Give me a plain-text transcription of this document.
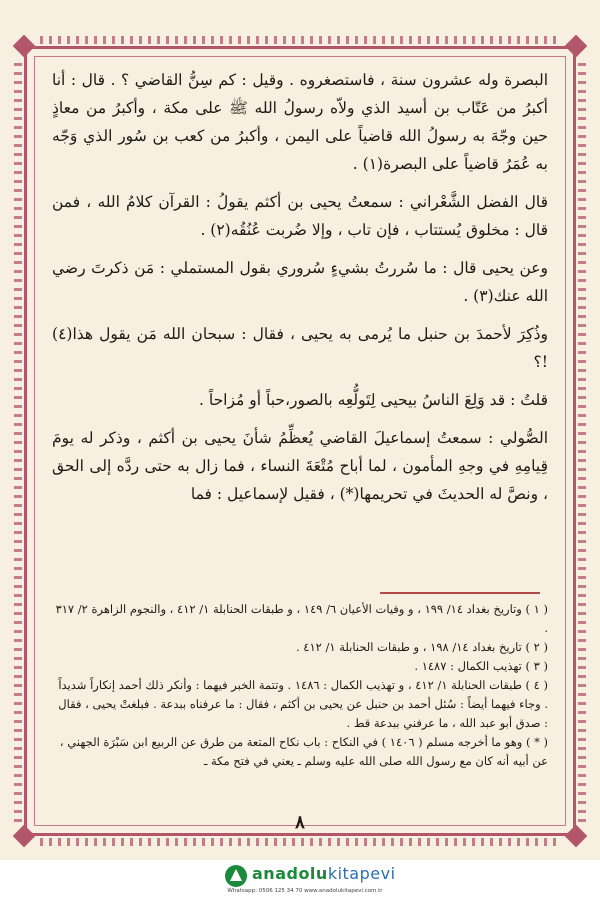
البصرة وله عشرون سنة ، فاستصغروه . وقيل : كم سِنُّ القاضي ؟ . قال : أنا أكبرُ من عَتّاب بن أسيد الذي ولاّه رسولُ الله ﷺ على مكة ، وأكبرُ من معاذٍ حين وجّهَ به رسولُ الله قاضياً على اليمن ، وأكبرُ من كعب بن سُور الذي وَجّه به عُمَرُ قاضياً على البصرة(١) .

قال الفضل الشَّعْراني : سمعتُ يحيى بن أكثم يقولُ : القرآن كلامُ الله ، فمن قال : مخلوق يُستتاب ، فإن تاب ، وإلا ضُربت عُنُقُه(٢) .

وعن يحيى قال : ما سُررتُ بشيءٍ سُروري بقول المستملي : مَن ذكرتَ رضي الله عنك(٣) .

وذُكِرَ لأحمدَ بن حنبل ما يُرمى به يحيى ، فقال : سبحان الله مَن يقول هذا(٤) !؟

قلتُ : قد وَلِعَ الناسُ بيحيى لِتَولُّعِه بالصور،حباً أو مُزاحاً .

الصُّولي : سمعتُ إسماعيلَ القاضي يُعظِّمُ شأنَ يحيى بن أكثم ، وذكر له يومَ قِيامِهِ في وجهِ المأمون ، لما أباح مُتْعَةَ النساء ، فما زال به حتى ردَّه إلى الحق ، ونصَّ له الحديثَ في تحريمها(*) ، فقيل لإسماعيل : فما

( ١ ) وتاريخ بغداد ١٤/ ١٩٩ ، و وفيات الأعيان ٦/ ١٤٩ ، و طبقات الحنابلة ١/ ٤١٢ ، والنجوم الزاهرة ٢/ ٣١٧ .

( ٢ ) تاريخ بغداد ١٤/ ١٩٨ ، و طبقات الحنابلة ١/ ٤١٢ .

( ٣ ) تهذيب الكمال : ١٤٨٧ .

( ٤ ) طبقات الحنابلة ١/ ٤١٢ ، و تهذيب الكمال : ١٤٨٦ . وتتمة الخبر فيهما : وأنكر ذلك أحمد إنكاراً شديداً . وجاء فيهما أيضاً : سُئل أحمد بن حنبل عن يحيى بن أكثم ، فقال : ما عرفناه ببدعة . فبلغتْ يحيى ، فقال : صدق أبو عبد الله ، ما عرفني ببدعة قط .

( * ) وهو ما أخرجه مسلم ( ١٤٠٦ ) في النكاح : باب نكاح المتعة من طرق عن الربيع ابن سَبْرَة الجهني ، عن أبيه أنه كان مع رسول الله صلى الله عليه وسلم ـ يعني في فتح مكة ـ

٨
anadolukitapevi
Whatsapp: 0506 125 34 70 www.anadolukitapevi.com.tr
